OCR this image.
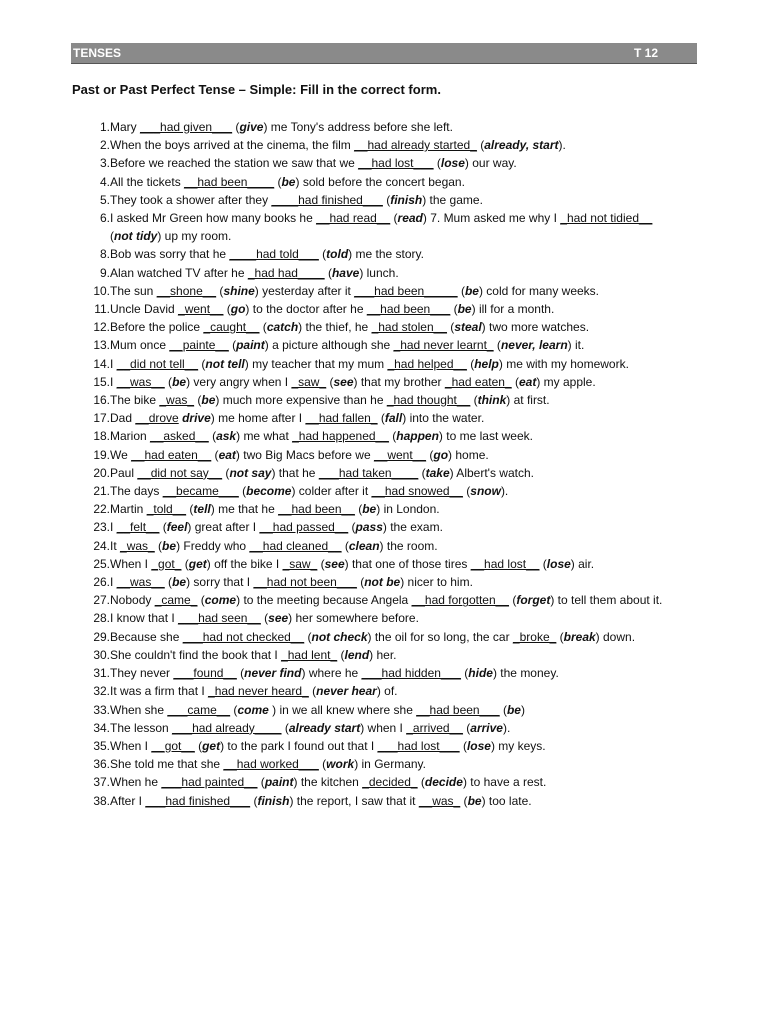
TENSES	T 12
Past or Past Perfect Tense – Simple: Fill in the correct form.
1. Mary ___had given___ (give) me Tony's address before she left.
2. When the boys arrived at the cinema, the film __had already started_ (already, start).
3. Before we reached the station we saw that we __had lost___ (lose) our way.
4. All the tickets __had been____ (be) sold before the concert began.
5. They took a shower after they ____had finished___ (finish) the game.
6. I asked Mr Green how many books he __had read__ (read) 7. Mum asked me why I _had not tidied__ (not tidy) up my room.
8. Bob was sorry that he ____had told___ (told) me the story.
9. Alan watched TV after he _had had____ (have) lunch.
10. The sun __shone__ (shine) yesterday after it ___had been_____ (be) cold for many weeks.
11. Uncle David _went__ (go) to the doctor after he __had been___ (be) ill for a month.
12. Before the police _caught__ (catch) the thief, he _had stolen__ (steal) two more watches.
13. Mum once __painte__ (paint) a picture although she _had never learnt_ (never, learn) it.
14. I __did not tell__ (not tell) my teacher that my mum _had helped__ (help) me with my homework.
15. I __was__ (be) very angry when I _saw_ (see) that my brother _had eaten_ (eat) my apple.
16. The bike _was_ (be) much more expensive than he _had thought__ (think) at first.
17. Dad __drove drive) me home after I __had fallen_ (fall) into the water.
18. Marion __asked__ (ask) me what _had happened__ (happen) to me last week.
19. We __had eaten__ (eat) two Big Macs before we __went__ (go) home.
20. Paul __did not say__ (not say) that he ___had taken____ (take) Albert's watch.
21. The days __became___ (become) colder after it __had snowed__ (snow).
22. Martin _told__ (tell) me that he __had been__ (be) in London.
23. I __felt__ (feel) great after I __had passed__ (pass) the exam.
24. It _was_ (be) Freddy who __had cleaned__ (clean) the room.
25. When I _got_ (get) off the bike I _saw_ (see) that one of those tires __had lost__ (lose) air.
26. I __was__ (be) sorry that I __had not been___ (not be) nicer to him.
27. Nobody _came_ (come) to the meeting because Angela __had forgotten__ (forget) to tell them about it.
28. I know that I ___had seen__ (see) her somewhere before.
29. Because she ___had not checked__ (not check) the oil for so long, the car _broke_ (break) down.
30. She couldn't find the book that I _had lent_ (lend) her.
31. They never ___found__ (never find) where he ___had hidden___ (hide) the money.
32. It was a firm that I _had never heard_ (never hear) of.
33. When she ___came__ (come ) in we all knew where she __had been___ (be)
34. The lesson ___had already____ (already start) when I _arrived__ (arrive).
35. When I __got__ (get) to the park I found out that I ___had lost___ (lose) my keys.
36. She told me that she __had worked___ (work) in Germany.
37. When he ___had painted__ (paint) the kitchen _decided_ (decide) to have a rest.
38. After I ___had finished___ (finish) the report, I saw that it __was_ (be) too late.
